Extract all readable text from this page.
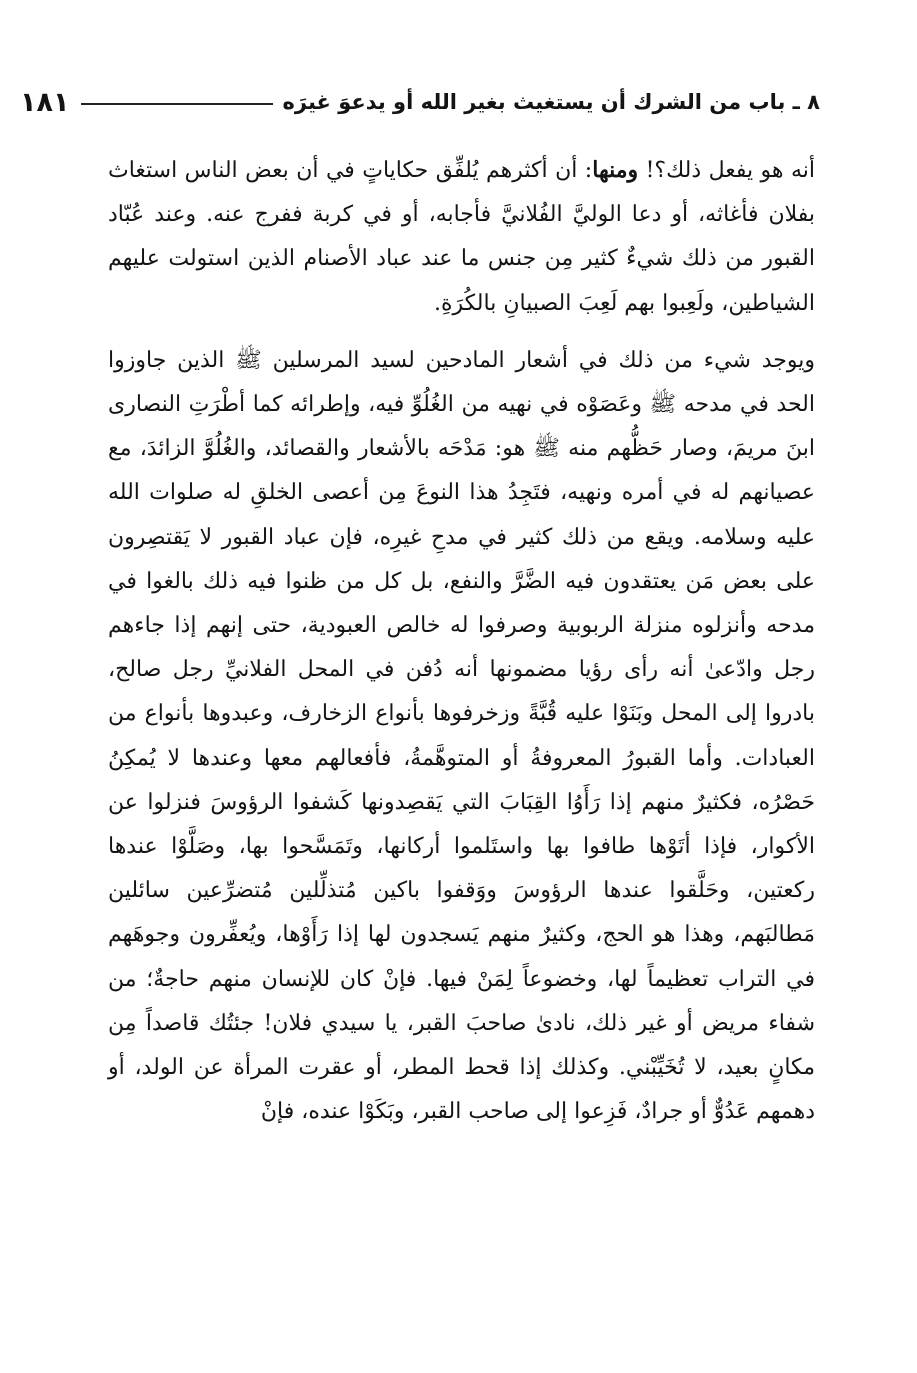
١٨١	٨ ـ باب من الشرك أن يستغيث بغير الله أو يدعوَ غيرَه

أنه هو يفعل ذلك؟! ومنها: أن أكثرهم يُلفِّق حكاياتٍ في أن بعض الناس استغاث بفلان فأغاثه، أو دعا الوليَّ الفُلانيَّ فأجابه، أو في كربة ففرج عنه. وعند عُبّاد القبور من ذلك شيءٌ كثير مِن جنس ما عند عباد الأصنام الذين استولت عليهم الشياطين، ولَعِبوا بهم لَعِبَ الصبيانِ بالكُرَةِ.

ويوجد شيء من ذلك في أشعار المادحين لسيد المرسلين ﷺ الذين جاوزوا الحد في مدحه ﷺ وعَصَوْه في نهيه من الغُلُوِّ فيه، وإطرائه كما أطْرَتِ النصارى ابنَ مريمَ، وصار حَظُّهم منه ﷺ هو: مَدْحَه بالأشعار والقصائد، والغُلُوَّ الزائدَ، مع عصيانهم له في أمره ونهيه، فتَجِدُ هذا النوعَ مِن أعصى الخلقِ له صلوات الله عليه وسلامه. ويقع من ذلك كثير في مدحِ غيرِه، فإن عباد القبور لا يَقتصِرون على بعض مَن يعتقدون فيه الضَّرَّ والنفع، بل كل من ظنوا فيه ذلك بالغوا في مدحه وأنزلوه منزلة الربوبية وصرفوا له خالص العبودية، حتى إنهم إذا جاءهم رجل وادّعىٰ أنه رأى رؤيا مضمونها أنه دُفن في المحل الفلانيِّ رجل صالح، بادروا إلى المحل وبَنَوْا عليه قُبَّةً وزخرفوها بأنواع الزخارف، وعبدوها بأنواع من العبادات. وأما القبورُ المعروفةُ أو المتوهَّمةُ، فأفعالهم معها وعندها لا يُمكِنُ حَصْرُه، فكثيرٌ منهم إذا رَأَوُا القِبَابَ التي يَقصِدونها كَشفوا الرؤوسَ فنزلوا عن الأكوار، فإذا أتَوْها طافوا بها واستَلموا أركانها، وتَمَسَّحوا بها، وصَلَّوْا عندها ركعتين، وحَلَّقوا عندها الرؤوسَ ووَقفوا باكين مُتذلِّلين مُتضرِّعين سائلين مَطالبَهم، وهذا هو الحج، وكثيرٌ منهم يَسجدون لها إذا رَأَوْها، ويُعفِّرون وجوهَهم في التراب تعظيماً لها، وخضوعاً لِمَنْ فيها. فإنْ كان للإنسان منهم حاجةٌ؛ من شفاء مريض أو غير ذلك، نادىٰ صاحبَ القبر، يا سيدي فلان! جئتُك قاصداً مِن مكانٍ بعيد، لا تُخَيِّبْني. وكذلك إذا قحط المطر، أو عقرت المرأة عن الولد، أو دهمهم عَدُوٌّ أو جرادٌ، فَزِعوا إلى صاحب القبر، وبَكَوْا عنده، فإنْ
